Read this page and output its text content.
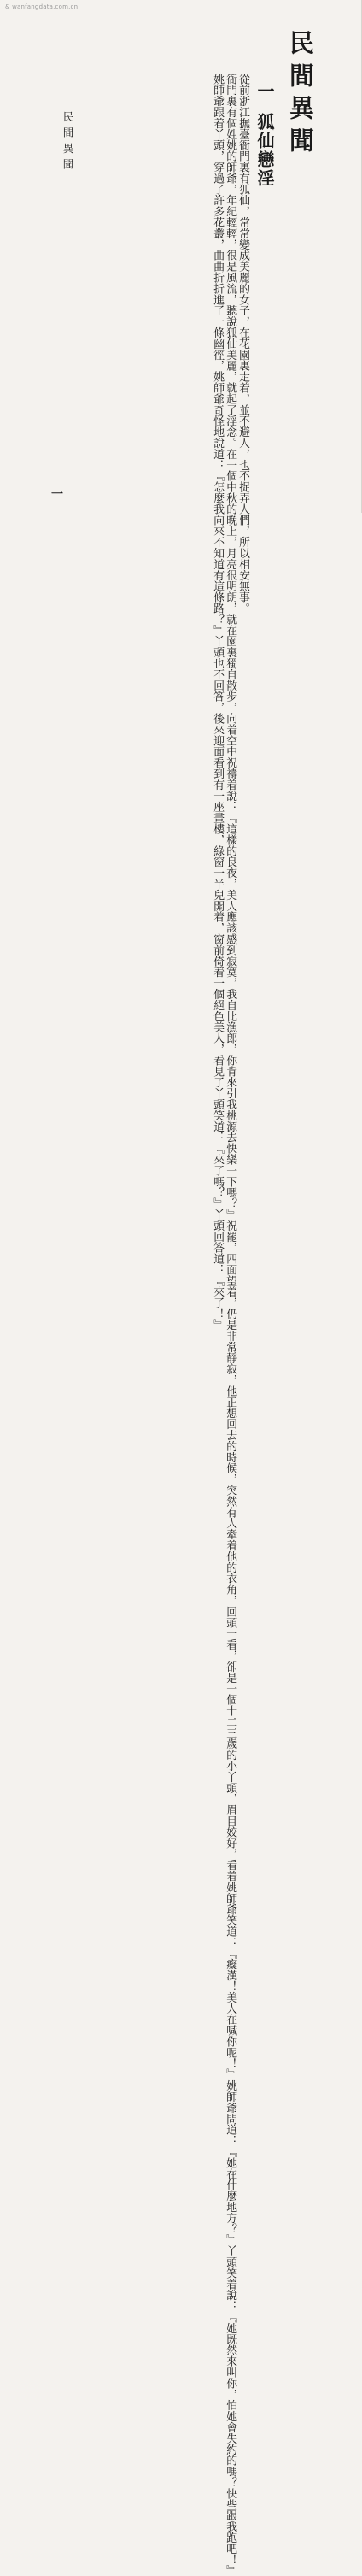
& wanfangdata.com.cn
民間異聞
一狐仙戀淫

從前浙江撫臺衙門裏有狐仙，常常變成美麗的女子，在花園裏走着，並不避人，也不捉弄人們，所以相安無事。

衙門裏有個姓姚的師爺，年紀輕輕，很是風流，聽說狐仙美麗，就起了淫念。在一個中秋的晚上，月亮很明朗，就在園裏獨自散步，向着空中祝禱着說：『這樣的良夜，美人應該感到寂寞，我自比漁郎，你肯來引我桃源去快樂一下嗎？』祝罷，四面望着，仍是非常靜寂，他正想回去的時候，突然有人牽着他的衣角，回頭一看，卻是一個十二三歲的小丫頭，眉目姣好，看着姚師爺笑道：『癡漢！美人在喊你呢！』姚師爺問道：『她在什麼地方？』丫頭笑着說：『她既然來叫你，怕她會失約的嗎？快些跟我跑吧！』

姚師爺跟着丫頭，穿過了許多花叢，曲曲折折進了一條幽徑，姚師爺奇怪地說道：『怎麼我向來不知道有這條路？』丫頭也不回答，後來迎面看到有一座畫樓，綠窗一半兒開着，窗前倚着一個絕色美人，看見了丫頭笑道：『來了嗎？』丫頭回答道：『來了！』

民間異聞
一
